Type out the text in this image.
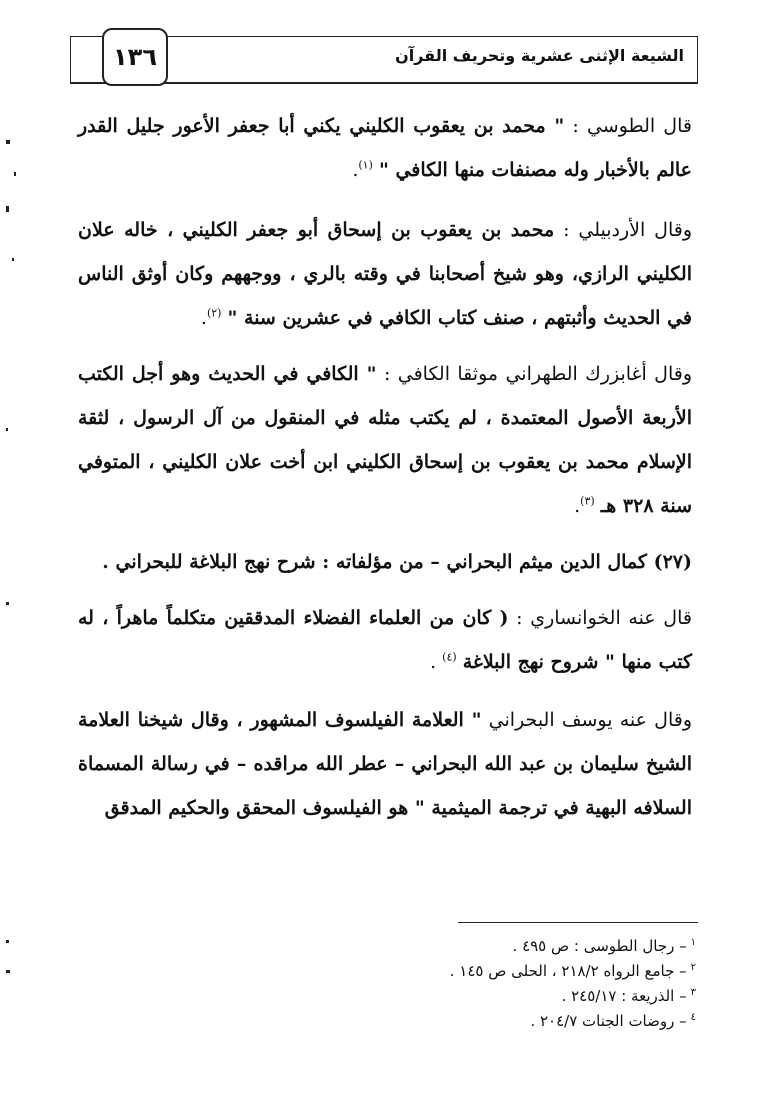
١٣٦	الشيعة الإثنى عشرية وتحريف القرآن
قال الطوسي : " محمد بن يعقوب الكليني يكني أبا جعفر الأعور جليل القدر عالم بالأخبار وله مصنفات منها الكافي " $^{(١)}$.
وقال الأردبيلي : محمد بن يعقوب بن إسحاق أبو جعفر الكليني ، خاله علان الكليني الرازي، وهو شيخ أصحابنا في وقته بالري ، ووجههم وكان أوثق الناس في الحديث وأثبتهم ، صنف كتاب الكافي في عشرين سنة " $^{(٢)}$.
وقال أغابزرك الطهراني موثقا الكافي : " الكافي في الحديث وهو أجل الكتب الأربعة الأصول المعتمدة ، لم يكتب مثله في المنقول من آل الرسول ، لثقة الإسلام محمد بن يعقوب بن إسحاق الكليني ابن أخت علان الكليني ، المتوفي سنة ٣٢٨ هـ $^{(٣)}$.
(٢٧) كمال الدين ميثم البحراني – من مؤلفاته : شرح نهج البلاغة للبحراني .
قال عنه الخوانساري : ( كان من العلماء الفضلاء المدققين متكلماً ماهراً ، له كتب منها " شروح نهج البلاغة $^{(٤)}$ .
وقال عنه يوسف البحراني " العلامة الفيلسوف المشهور ، وقال شيخنا العلامة الشيخ سليمان بن عبد الله البحراني – عطر الله مراقده – في رسالة المسماة السلافه البهية في ترجمة الميثمية " هو الفيلسوف المحقق والحكيم المدقق
$^١$– رجال الطوسى : ص ٤٩٥ .
$^٢$– جامع الرواه ٢١٨/٢ ، الحلى ص ١٤٥ .
$^٣$– الذريعة : ٢٤٥/١٧ .
$^٤$– روضات الجنات ٢٠٤/٧ .
